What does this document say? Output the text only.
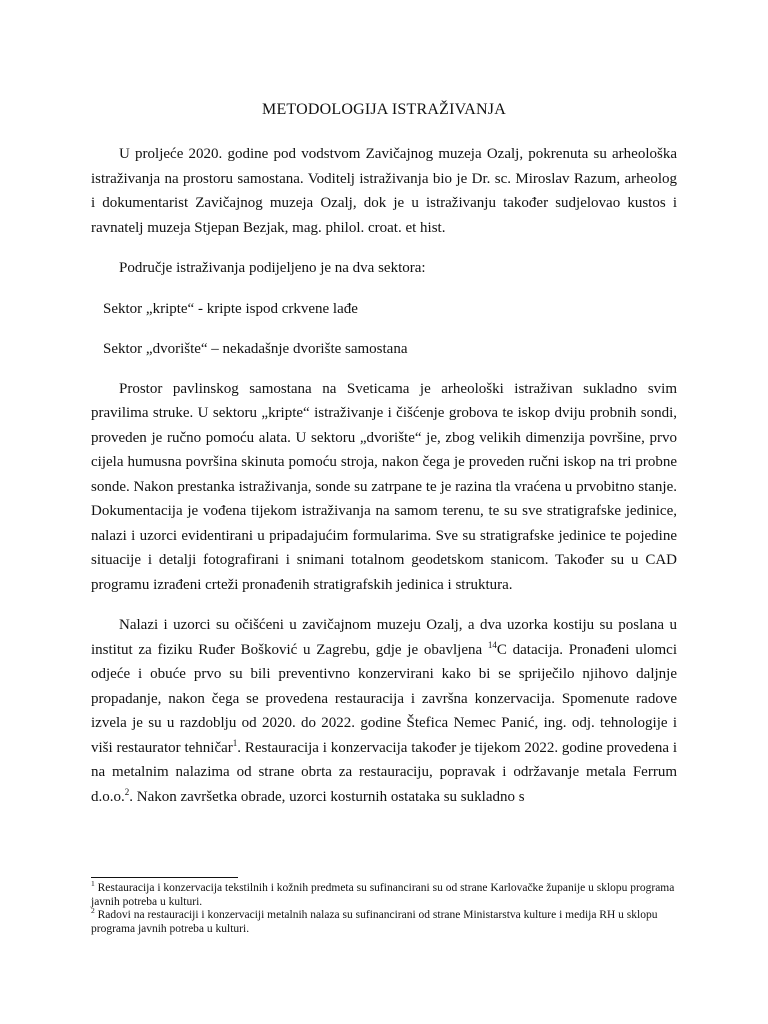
METODOLOGIJA ISTRAŽIVANJA

U proljeće 2020. godine pod vodstvom Zavičajnog muzeja Ozalj, pokrenuta su arheološka istraživanja na prostoru samostana. Voditelj istraživanja bio je Dr. sc. Miroslav Razum, arheolog i dokumentarist Zavičajnog muzeja Ozalj, dok je u istraživanju također sudjelovao kustos i ravnatelj muzeja Stjepan Bezjak, mag. philol. croat. et hist.

Područje istraživanja podijeljeno je na dva sektora:

Sektor „kripte“ - kripte ispod crkvene lađe
Sektor „dvorište“ – nekadašnje dvorište samostana

Prostor pavlinskog samostana na Sveticama je arheološki istraživan sukladno svim pravilima struke. U sektoru „kripte“ istraživanje i čišćenje grobova te iskop dviju probnih sondi, proveden je ručno pomoću alata. U sektoru „dvorište“ je, zbog velikih dimenzija površine, prvo cijela humusna površina skinuta pomoću stroja, nakon čega je proveden ručni iskop na tri probne sonde. Nakon prestanka istraživanja, sonde su zatrpane te je razina tla vraćena u prvobitno stanje. Dokumentacija je vođena tijekom istraživanja na samom terenu, te su sve stratigrafske jedinice, nalazi i uzorci evidentirani u pripadajućim formularima. Sve su stratigrafske jedinice te pojedine situacije i detalji fotografirani i snimani totalnom geodetskom stanicom. Također su u CAD programu izrađeni crteži pronađenih stratigrafskih jedinica i struktura.

Nalazi i uzorci su očišćeni u zavičajnom muzeju Ozalj, a dva uzorka kostiju su poslana u institut za fiziku Ruđer Bošković u Zagrebu, gdje je obavljena $^{14}$C datacija. Pronađeni ulomci odjeće i obuće prvo su bili preventivno konzervirani kako bi se spriječilo njihovo daljnje propadanje, nakon čega se provedena restauracija i završna konzervacija. Spomenute radove izvela je su u razdoblju od 2020. do 2022. godine Štefica Nemec Panić, ing. odj. tehnologije i viši restaurator tehničar$^1$. Restauracija i konzervacija također je tijekom 2022. godine provedena i na metalnim nalazima od strane obrta za restauraciju, popravak i održavanje metala Ferrum d.o.o.$^2$. Nakon završetka obrade, uzorci kosturnih ostataka su sukladno s

$^1$ Restauracija i konzervacija tekstilnih i kožnih predmeta su sufinancirani su od strane Karlovačke županije u sklopu programa javnih potreba u kulturi.

$^2$ Radovi na restauraciji i konzervaciji metalnih nalaza su sufinancirani od strane Ministarstva kulture i medija RH u sklopu programa javnih potreba u kulturi.
